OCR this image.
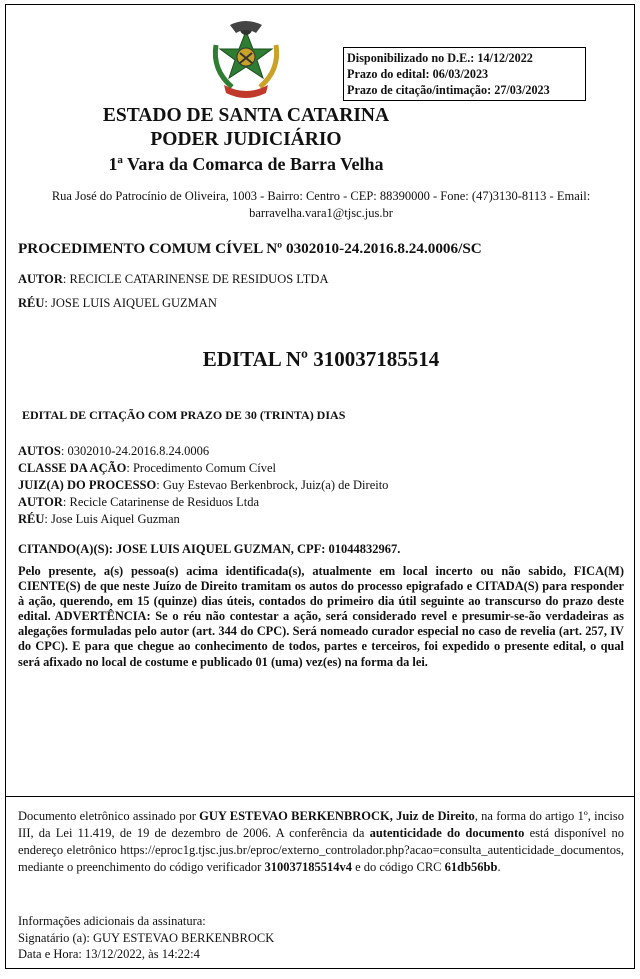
Disponibilizado no D.E.: 14/12/2022
Prazo do edital: 06/03/2023
Prazo de citação/intimação: 27/03/2023
ESTADO DE SANTA CATARINA
PODER JUDICIÁRIO
1ª Vara da Comarca de Barra Velha
Rua José do Patrocínio de Oliveira, 1003 - Bairro: Centro - CEP: 88390000 - Fone: (47)3130-8113 - Email: barravelha.vara1@tjsc.jus.br
PROCEDIMENTO COMUM CÍVEL Nº 0302010-24.2016.8.24.0006/SC
AUTOR: RECICLE CATARINENSE DE RESIDUOS LTDA
RÉU: JOSE LUIS AIQUEL GUZMAN
EDITAL Nº 310037185514
EDITAL DE CITAÇÃO COM PRAZO DE 30 (TRINTA) DIAS
AUTOS: 0302010-24.2016.8.24.0006
CLASSE DA AÇÃO: Procedimento Comum Cível
JUIZ(A) DO PROCESSO: Guy Estevao Berkenbrock, Juiz(a) de Direito
AUTOR: Recicle Catarinense de Residuos Ltda
RÉU: Jose Luis Aiquel Guzman
CITANDO(A)(S): JOSE LUIS AIQUEL GUZMAN, CPF: 01044832967.
Pelo presente, a(s) pessoa(s) acima identificada(s), atualmente em local incerto ou não sabido, FICA(M) CIENTE(S) de que neste Juízo de Direito tramitam os autos do processo epigrafado e CITADA(S) para responder à ação, querendo, em 15 (quinze) dias úteis, contados do primeiro dia útil seguinte ao transcurso do prazo deste edital. ADVERTÊNCIA: Se o réu não contestar a ação, será considerado revel e presumir-se-ão verdadeiras as alegações formuladas pelo autor (art. 344 do CPC). Será nomeado curador especial no caso de revelia (art. 257, IV do CPC). E para que chegue ao conhecimento de todos, partes e terceiros, foi expedido o presente edital, o qual será afixado no local de costume e publicado 01 (uma) vez(es) na forma da lei.
Documento eletrônico assinado por GUY ESTEVAO BERKENBROCK, Juiz de Direito, na forma do artigo 1º, inciso III, da Lei 11.419, de 19 de dezembro de 2006. A conferência da autenticidade do documento está disponível no endereço eletrônico https://eproc1g.tjsc.jus.br/eproc/externo_controlador.php?acao=consulta_autenticidade_documentos, mediante o preenchimento do código verificador 310037185514v4 e do código CRC 61db56bb.
Informações adicionais da assinatura:
Signatário (a): GUY ESTEVAO BERKENBROCK
Data e Hora: 13/12/2022, às 14:22:4
